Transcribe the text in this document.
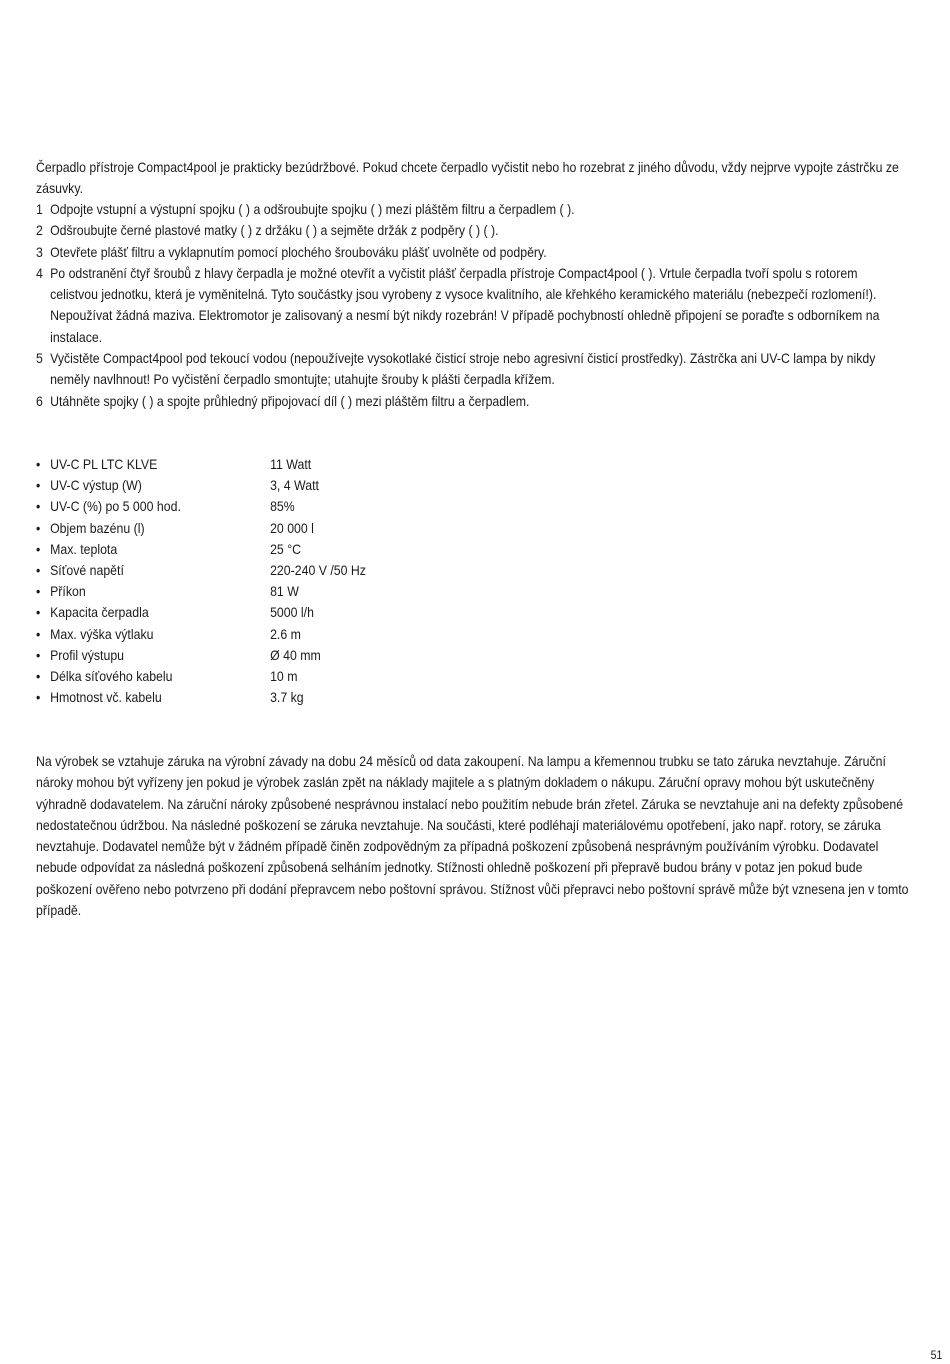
Čerpadlo přístroje Compact4pool je prakticky bezúdržbové. Pokud chcete čerpadlo vyčistit nebo ho rozebrat z jiného důvodu, vždy nejprve vypojte zástrčku ze zásuvky.

1 Odpojte vstupní a výstupní spojku ( ) a odšroubujte spojku ( ) mezi pláštěm filtru a čerpadlem ( ).
2 Odšroubujte černé plastové matky ( ) z držáku ( ) a sejměte držák z podpěry ( ) ( ).
3 Otevřete plášť filtru a vyklapnutím pomocí plochého šroubováku plášť uvolněte od podpěry.
4 Po odstranění čtyř šroubů z hlavy čerpadla je možné otevřít a vyčistit plášť čerpadla přístroje Compact4pool ( ). Vrtule čerpadla tvoří spolu s rotorem celistvou jednotku, která je vyměnitelná. Tyto součástky jsou vyrobeny z vysoce kvalitního, ale křehkého keramického materiálu (nebezpečí rozlomení!). Nepoužívat žádná maziva. Elektromotor je zalisovaný a nesmí být nikdy rozebrán! V případě pochybností ohledně připojení se poraďte s odborníkem na instalace.
5 Vyčistěte Compact4pool pod tekoucí vodou (nepoužívejte vysokotlaké čisticí stroje nebo agresivní čisticí prostředky). Zástrčka ani UV-C lampa by nikdy neměly navlhnout! Po vyčistění čerpadlo smontujte; utahujte šrouby k plášti čerpadla křížem.
6 Utáhněte spojky ( ) a spojte průhledný připojovací díl ( ) mezi pláštěm filtru a čerpadlem.
• UV-C PL LTC KLVE	11 Watt
• UV-C výstup (W)	3, 4 Watt
• UV-C (%) po 5 000 hod.	85%
• Objem bazénu (l)	20 000 l
• Max. teplota	25 °C
• Síťové napětí	220-240 V /50 Hz
• Příkon	81 W
• Kapacita čerpadla	5000 l/h
• Max. výška výtlaku	2.6 m
• Profil výstupu	Ø 40 mm
• Délka síťového kabelu	10 m
• Hmotnost vč. kabelu	3.7 kg

Na výrobek se vztahuje záruka na výrobní závady na dobu 24 měsíců od data zakoupení. Na lampu a křemennou trubku se tato záruka nevztahuje. Záruční nároky mohou být vyřízeny jen pokud je výrobek zaslán zpět na náklady majitele a s platným dokladem o nákupu. Záruční opravy mohou být uskutečněny výhradně dodavatelem. Na záruční nároky způsobené nesprávnou instalací nebo použitím nebude brán zřetel. Záruka se nevztahuje ani na defekty způsobené nedostatečnou údržbou. Na následné poškození se záruka nevztahuje. Na součásti, které podléhají materiálovému opotřebení, jako např. rotory, se záruka nevztahuje. Dodavatel nemůže být v žádném případě činěn zodpovědným za případná poškození způsobená nesprávným používáním výrobku. Dodavatel nebude odpovídat za následná poškození způsobená selháním jednotky. Stížnosti ohledně poškození při přepravě budou brány v potaz jen pokud bude poškození ověřeno nebo potvrzeno při dodání přepravcem nebo poštovní správou. Stížnost vůči přepravci nebo poštovní správě může být vznesena jen v tomto případě.

51
